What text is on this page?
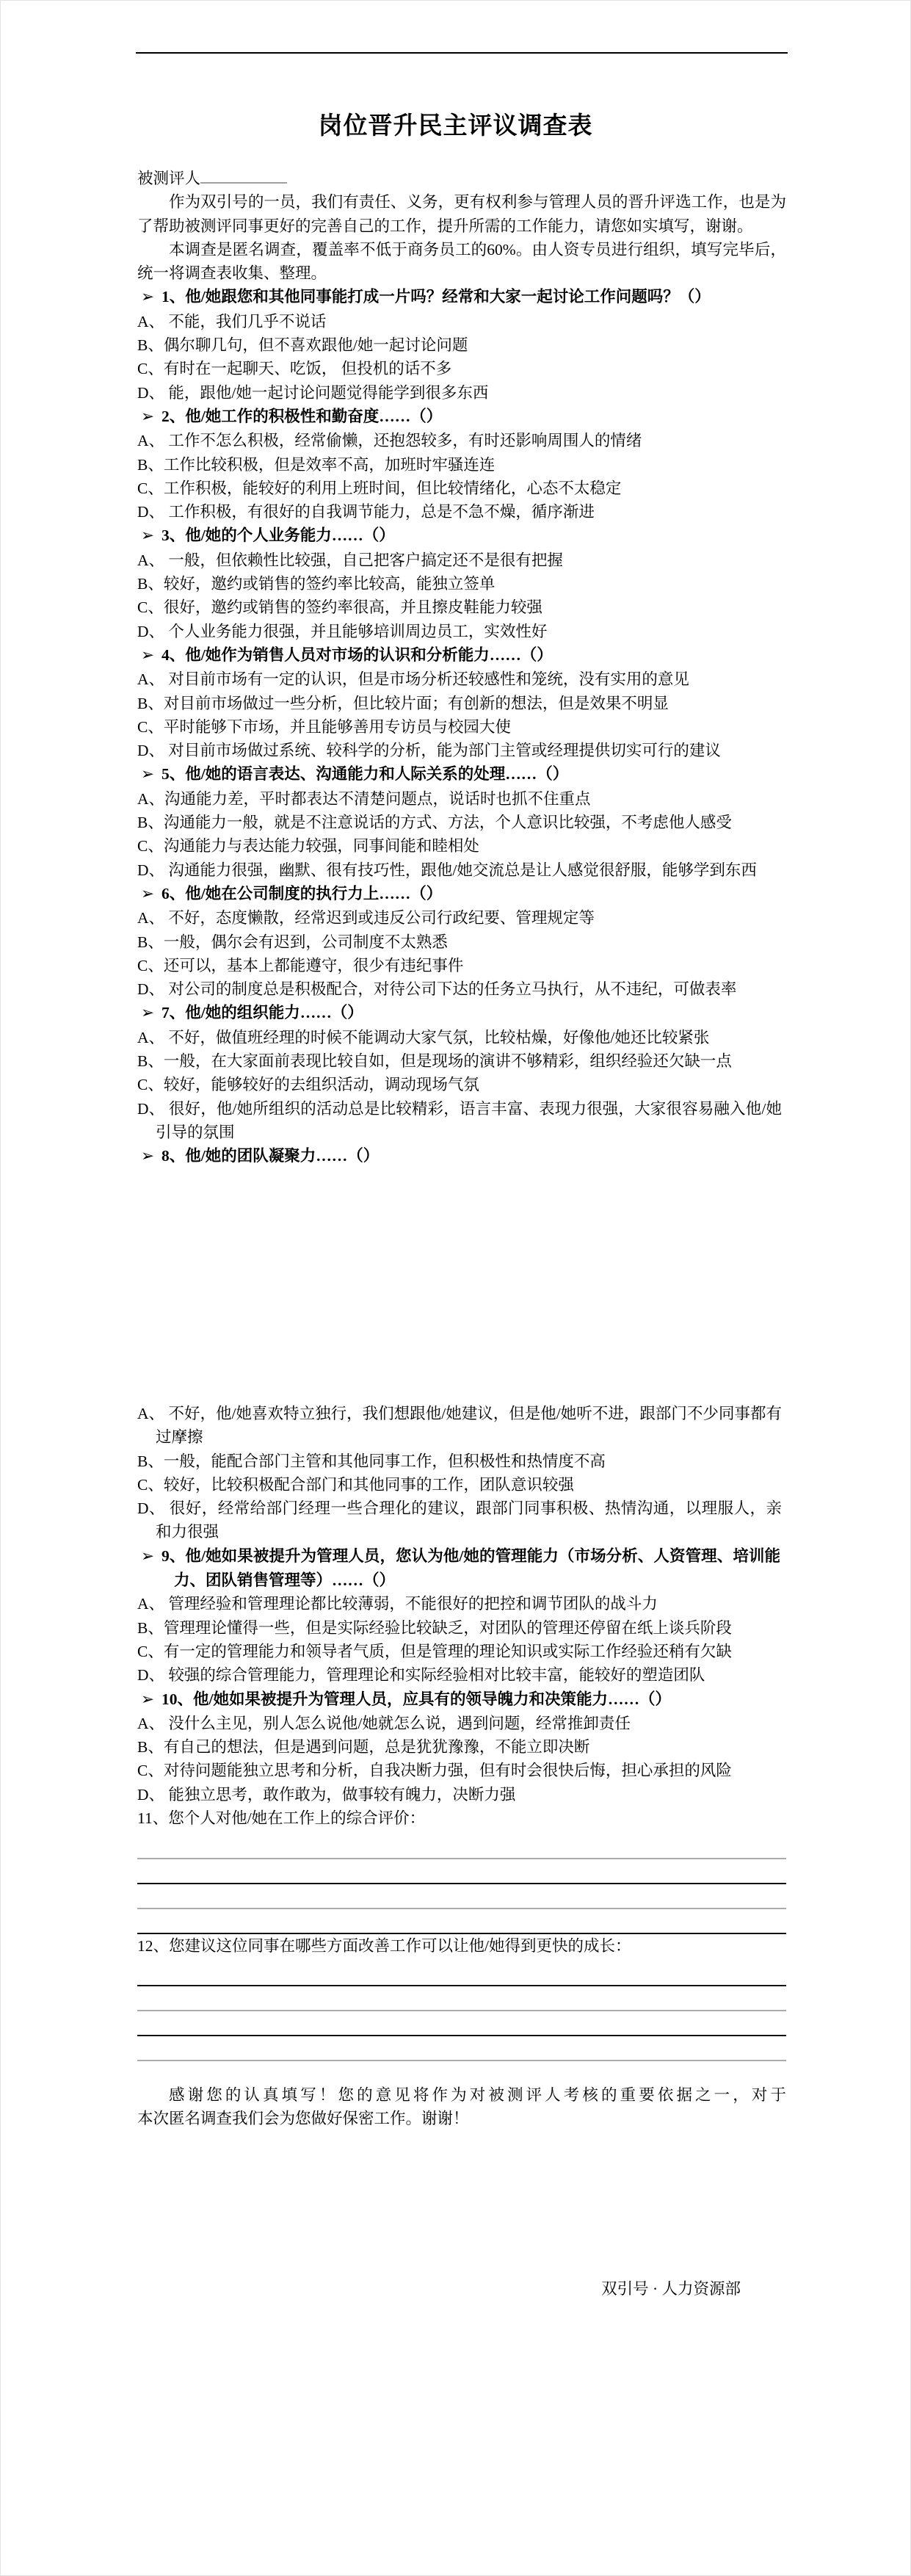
岗位晋升民主评议调查表
被测评人
作为双引号的一员，我们有责任、义务，更有权利参与管理人员的晋升评选工作，也是为了帮助被测评同事更好的完善自己的工作，提升所需的工作能力，请您如实填写，谢谢。
本调查是匿名调查，覆盖率不低于商务员工的60%。由人资专员进行组织，填写完毕后，统一将调查表收集、整理。
➢ 1、他/她跟您和其他同事能打成一片吗？经常和大家一起讨论工作问题吗？（）
A、 不能，我们几乎不说话
B、偶尔聊几句，但不喜欢跟他/她一起讨论问题
C、有时在一起聊天、吃饭， 但投机的话不多
D、 能，跟他/她一起讨论问题觉得能学到很多东西
➢ 2、他/她工作的积极性和勤奋度……（）
A、 工作不怎么积极，经常偷懒，还抱怨较多，有时还影响周围人的情绪
B、工作比较积极，但是效率不高，加班时牢骚连连
C、工作积极，能较好的利用上班时间，但比较情绪化，心态不太稳定
D、 工作积极，有很好的自我调节能力，总是不急不燥，循序渐进
➢ 3、他/她的个人业务能力……（）
A、 一般，但依赖性比较强，自己把客户搞定还不是很有把握
B、较好，邀约或销售的签约率比较高，能独立签单
C、很好，邀约或销售的签约率很高，并且擦皮鞋能力较强
D、 个人业务能力很强，并且能够培训周边员工，实效性好
➢ 4、他/她作为销售人员对市场的认识和分析能力……（）
A、 对目前市场有一定的认识，但是市场分析还较感性和笼统，没有实用的意见
B、对目前市场做过一些分析，但比较片面；有创新的想法，但是效果不明显
C、平时能够下市场，并且能够善用专访员与校园大使
D、 对目前市场做过系统、较科学的分析，能为部门主管或经理提供切实可行的建议
➢ 5、他/她的语言表达、沟通能力和人际关系的处理……（）
A、沟通能力差，平时都表达不清楚问题点，说话时也抓不住重点
B、沟通能力一般，就是不注意说话的方式、方法，个人意识比较强，不考虑他人感受
C、沟通能力与表达能力较强，同事间能和睦相处
D、 沟通能力很强，幽默、很有技巧性，跟他/她交流总是让人感觉很舒服，能够学到东西
➢ 6、他/她在公司制度的执行力上……（）
A、 不好，态度懒散，经常迟到或违反公司行政纪要、管理规定等
B、一般，偶尔会有迟到，公司制度不太熟悉
C、还可以，基本上都能遵守，很少有违纪事件
D、 对公司的制度总是积极配合，对待公司下达的任务立马执行，从不违纪，可做表率
➢ 7、他/她的组织能力……（）
A、 不好，做值班经理的时候不能调动大家气氛，比较枯燥，好像他/她还比较紧张
B、一般，在大家面前表现比较自如，但是现场的演讲不够精彩，组织经验还欠缺一点
C、较好，能够较好的去组织活动，调动现场气氛
D、 很好，他/她所组织的活动总是比较精彩，语言丰富、表现力很强，大家很容易融入他/她引导的氛围
➢ 8、他/她的团队凝聚力……（）
A、 不好，他/她喜欢特立独行，我们想跟他/她建议，但是他/她听不进，跟部门不少同事都有过摩擦
B、一般，能配合部门主管和其他同事工作，但积极性和热情度不高
C、较好，比较积极配合部门和其他同事的工作，团队意识较强
D、 很好，经常给部门经理一些合理化的建议，跟部门同事积极、热情沟通，以理服人，亲和力很强
➢ 9、他/她如果被提升为管理人员，您认为他/她的管理能力（市场分析、人资管理、培训能力、团队销售管理等）……（）
A、 管理经验和管理理论都比较薄弱，不能很好的把控和调节团队的战斗力
B、管理理论懂得一些，但是实际经验比较缺乏，对团队的管理还停留在纸上谈兵阶段
C、有一定的管理能力和领导者气质，但是管理的理论知识或实际工作经验还稍有欠缺
D、 较强的综合管理能力，管理理论和实际经验相对比较丰富，能较好的塑造团队
➢ 10、他/她如果被提升为管理人员，应具有的领导魄力和决策能力……（）
A、 没什么主见，别人怎么说他/她就怎么说，遇到问题，经常推卸责任
B、有自己的想法，但是遇到问题，总是犹犹豫豫，不能立即决断
C、对待问题能独立思考和分析，自我决断力强，但有时会很快后悔，担心承担的风险
D、 能独立思考，敢作敢为，做事较有魄力，决断力强
11、您个人对他/她在工作上的综合评价：
12、您建议这位同事在哪些方面改善工作可以让他/她得到更快的成长：
感谢您的认真填写！您的意见将作为对被测评人考核的重要依据之一，对于
本次匿名调查我们会为您做好保密工作。谢谢！
双引号 · 人力资源部
